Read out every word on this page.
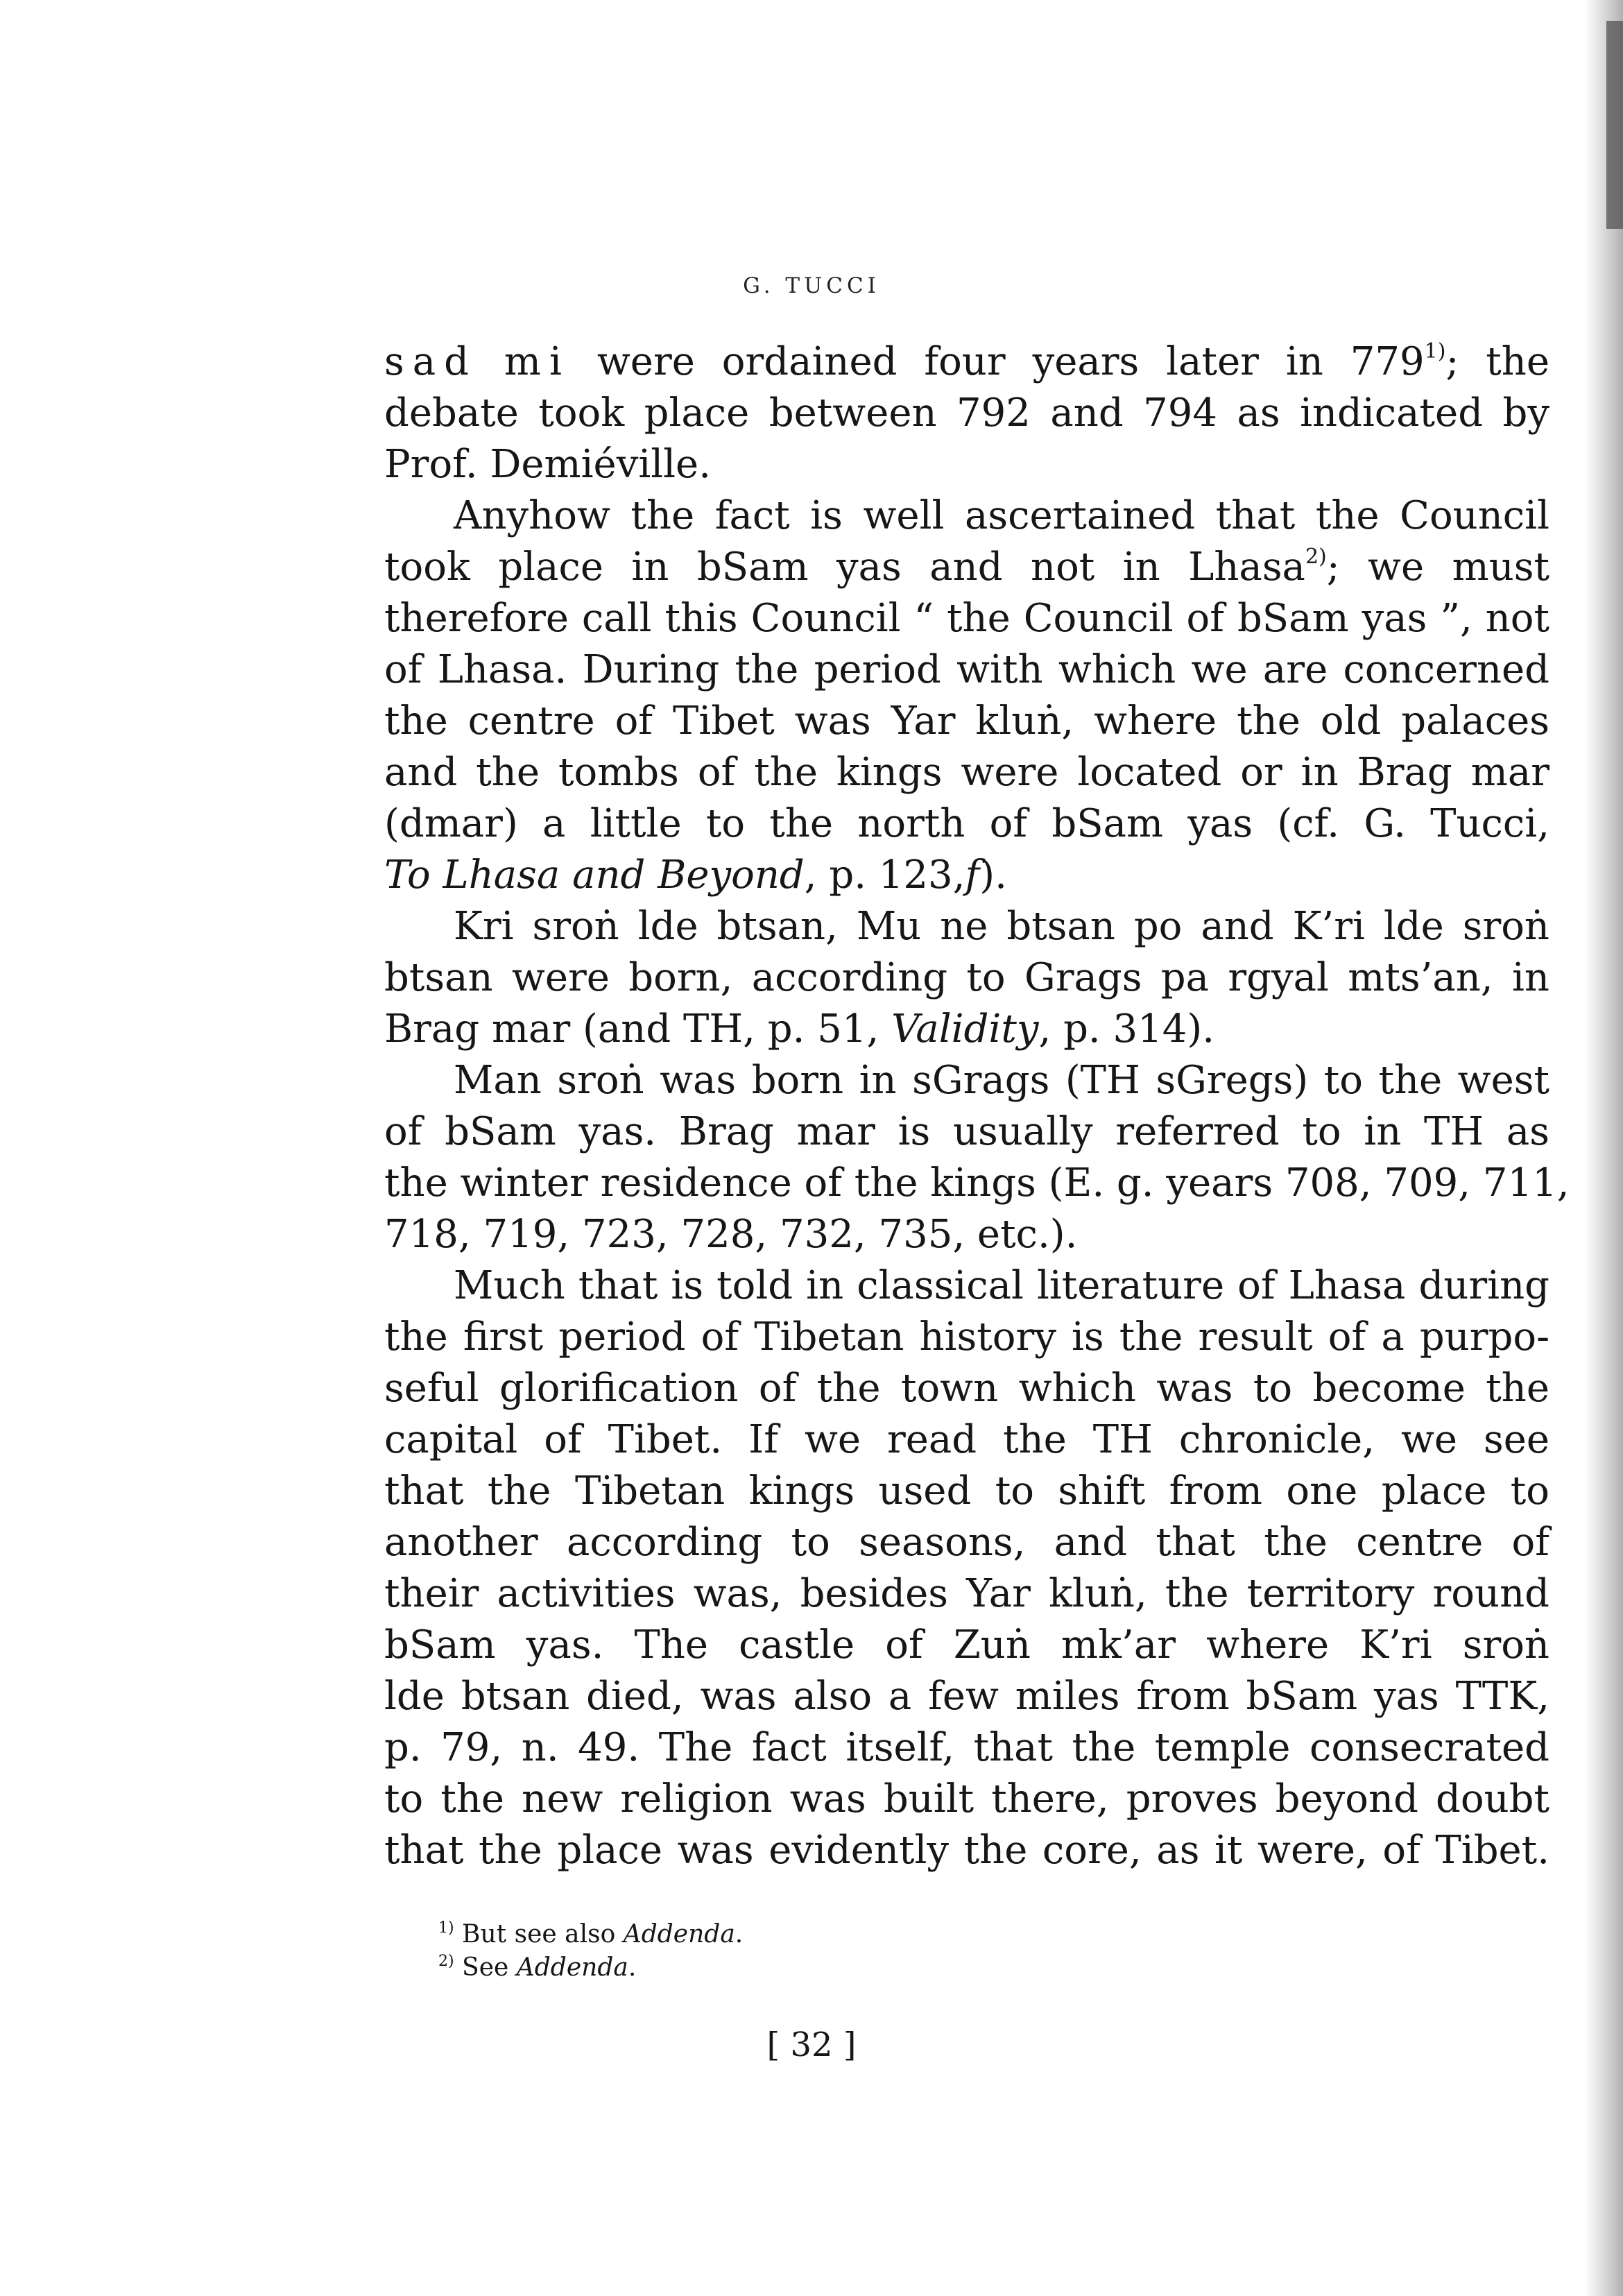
G. TUCCI
sad mi were ordained four years later in 779$^{1)}$; the
debate took place between 792 and 794 as indicated by
Prof. Demiéville.
Anyhow the fact is well ascertained that the Council
took place in bSam yas and not in Lhasa$^{2)}$; we must
therefore call this Council “ the Council of bSam yas ”, not
of Lhasa. During the period with which we are concerned
the centre of Tibet was Yar kluṅ, where the old palaces
and the tombs of the kings were located or in Brag mar
(dmar) a little to the north of bSam yas (cf. G. Tucci,
To Lhasa and Beyond, p. 123,f).
Kri sroṅ lde btsan, Mu ne btsan po and K’ri lde sroṅ
btsan were born, according to Grags pa rgyal mts’an, in
Brag mar (and TH, p. 51, Validity, p. 314).
Man sroṅ was born in sGrags (TH sGregs) to the west
of bSam yas. Brag mar is usually referred to in TH as
the winter residence of the kings (E. g. years 708, 709, 711,
718, 719, 723, 728, 732, 735, etc.).
Much that is told in classical literature of Lhasa during
the first period of Tibetan history is the result of a purpo-
seful glorification of the town which was to become the
capital of Tibet. If we read the TH chronicle, we see
that the Tibetan kings used to shift from one place to
another according to seasons, and that the centre of
their activities was, besides Yar kluṅ, the territory round
bSam yas. The castle of Zuṅ mk’ar where K’ri sroṅ
lde btsan died, was also a few miles from bSam yas TTK,
p. 79, n. 49. The fact itself, that the temple consecrated
to the new religion was built there, proves beyond doubt
that the place was evidently the core, as it were, of Tibet.
$^{1)}$ But see also Addenda.
$^{2)}$ See Addenda.
[ 32 ]
